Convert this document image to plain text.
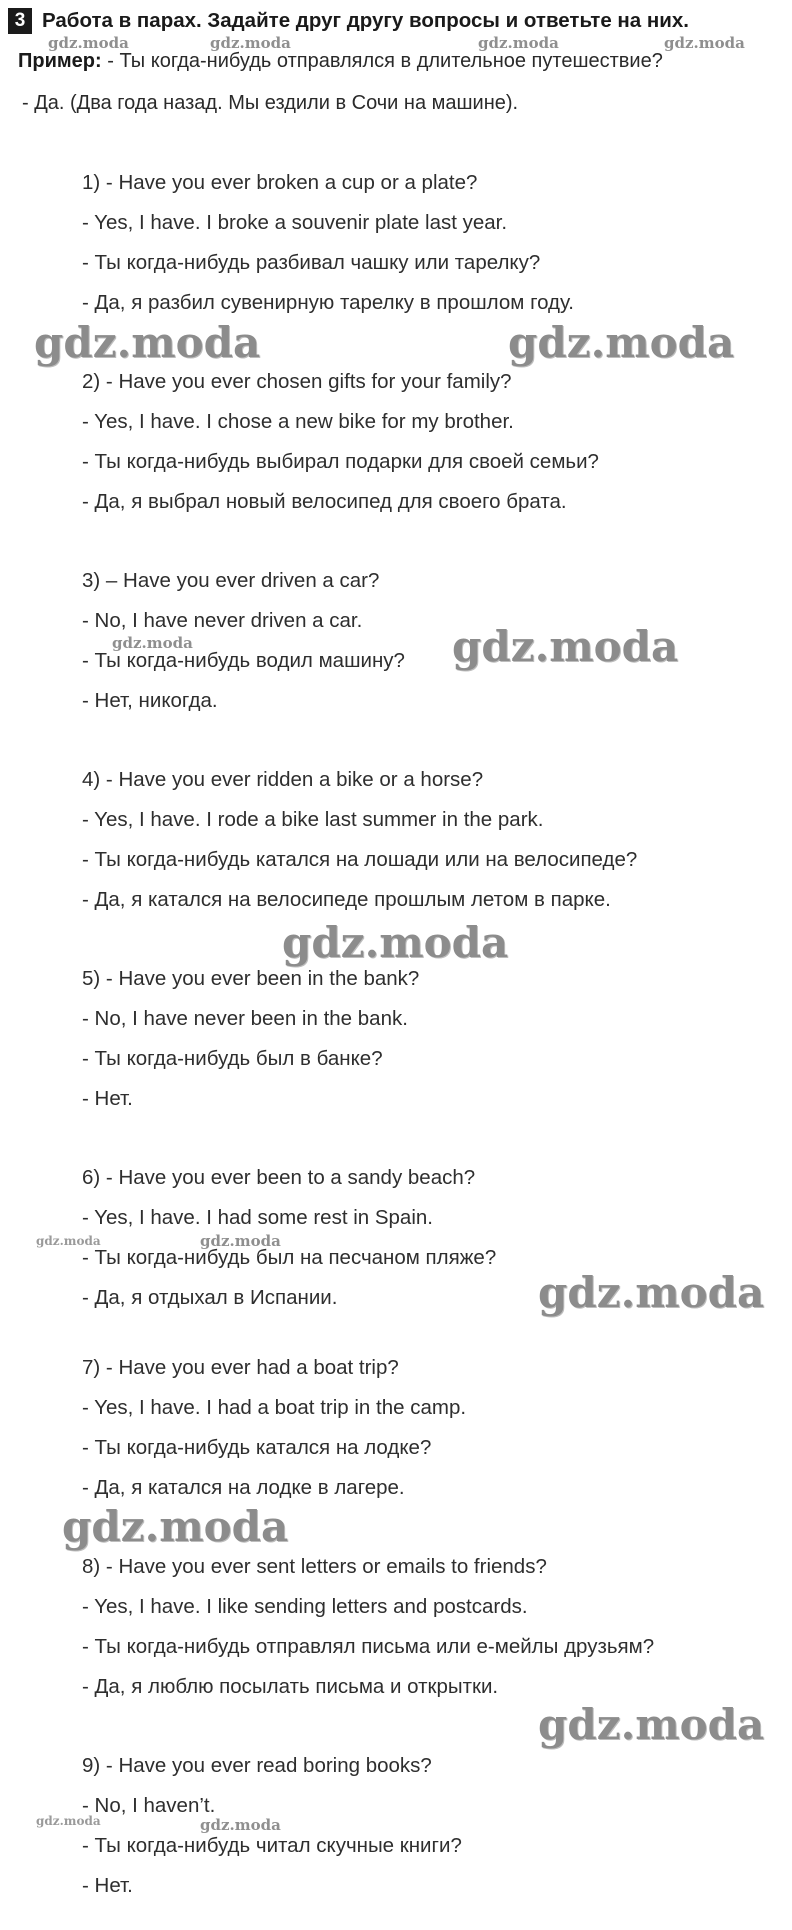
3 Работа в парах. Задайте друг другу вопросы и ответьте на них.
Пример: - Ты когда-нибудь отправлялся в длительное путешествие?
- Да. (Два года назад. Мы ездили в Сочи на машине).
1) - Have you ever broken a cup or a plate?
- Yes, I have. I broke a souvenir plate last year.
- Ты когда-нибудь разбивал чашку или тарелку?
- Да, я разбил сувенирную тарелку в прошлом году.
2) - Have you ever chosen gifts for your family?
- Yes, I have. I chose a new bike for my brother.
- Ты когда-нибудь выбирал подарки для своей семьи?
- Да, я выбрал новый велосипед для своего брата.
3) – Have you ever driven a car?
- No, I have never driven a car.
- Ты когда-нибудь водил машину?
- Нет, никогда.
4) - Have you ever ridden a bike or a horse?
- Yes, I have. I rode a bike last summer in the park.
- Ты когда-нибудь катался на лошади или на велосипеде?
- Да, я катался на велосипеде прошлым летом в парке.
5) - Have you ever been in the bank?
- No, I have never been in the bank.
- Ты когда-нибудь был в банке?
- Нет.
6) - Have you ever been to a sandy beach?
- Yes, I have. I had some rest in Spain.
- Ты когда-нибудь был на песчаном пляже?
- Да, я отдыхал в Испании.
7) - Have you ever had a boat trip?
- Yes, I have. I had a boat trip in the camp.
- Ты когда-нибудь катался на лодке?
- Да, я катался на лодке в лагере.
8) - Have you ever sent letters or emails to friends?
- Yes, I have. I like sending letters and postcards.
- Ты когда-нибудь отправлял письма или е-мейлы друзьям?
- Да, я люблю посылать письма и открытки.
9) - Have you ever read boring books?
- No, I haven’t.
- Ты когда-нибудь читал скучные книги?
- Нет.
gdz.moda	gdz.moda	gdz.moda	gdz.moda
gdz.moda	gdz.moda
gdz.moda	gdz.moda
gdz.moda
gdz.moda	gdz.moda
gdz.moda
gdz.moda
gdz.moda
gdz.moda	gdz.moda
